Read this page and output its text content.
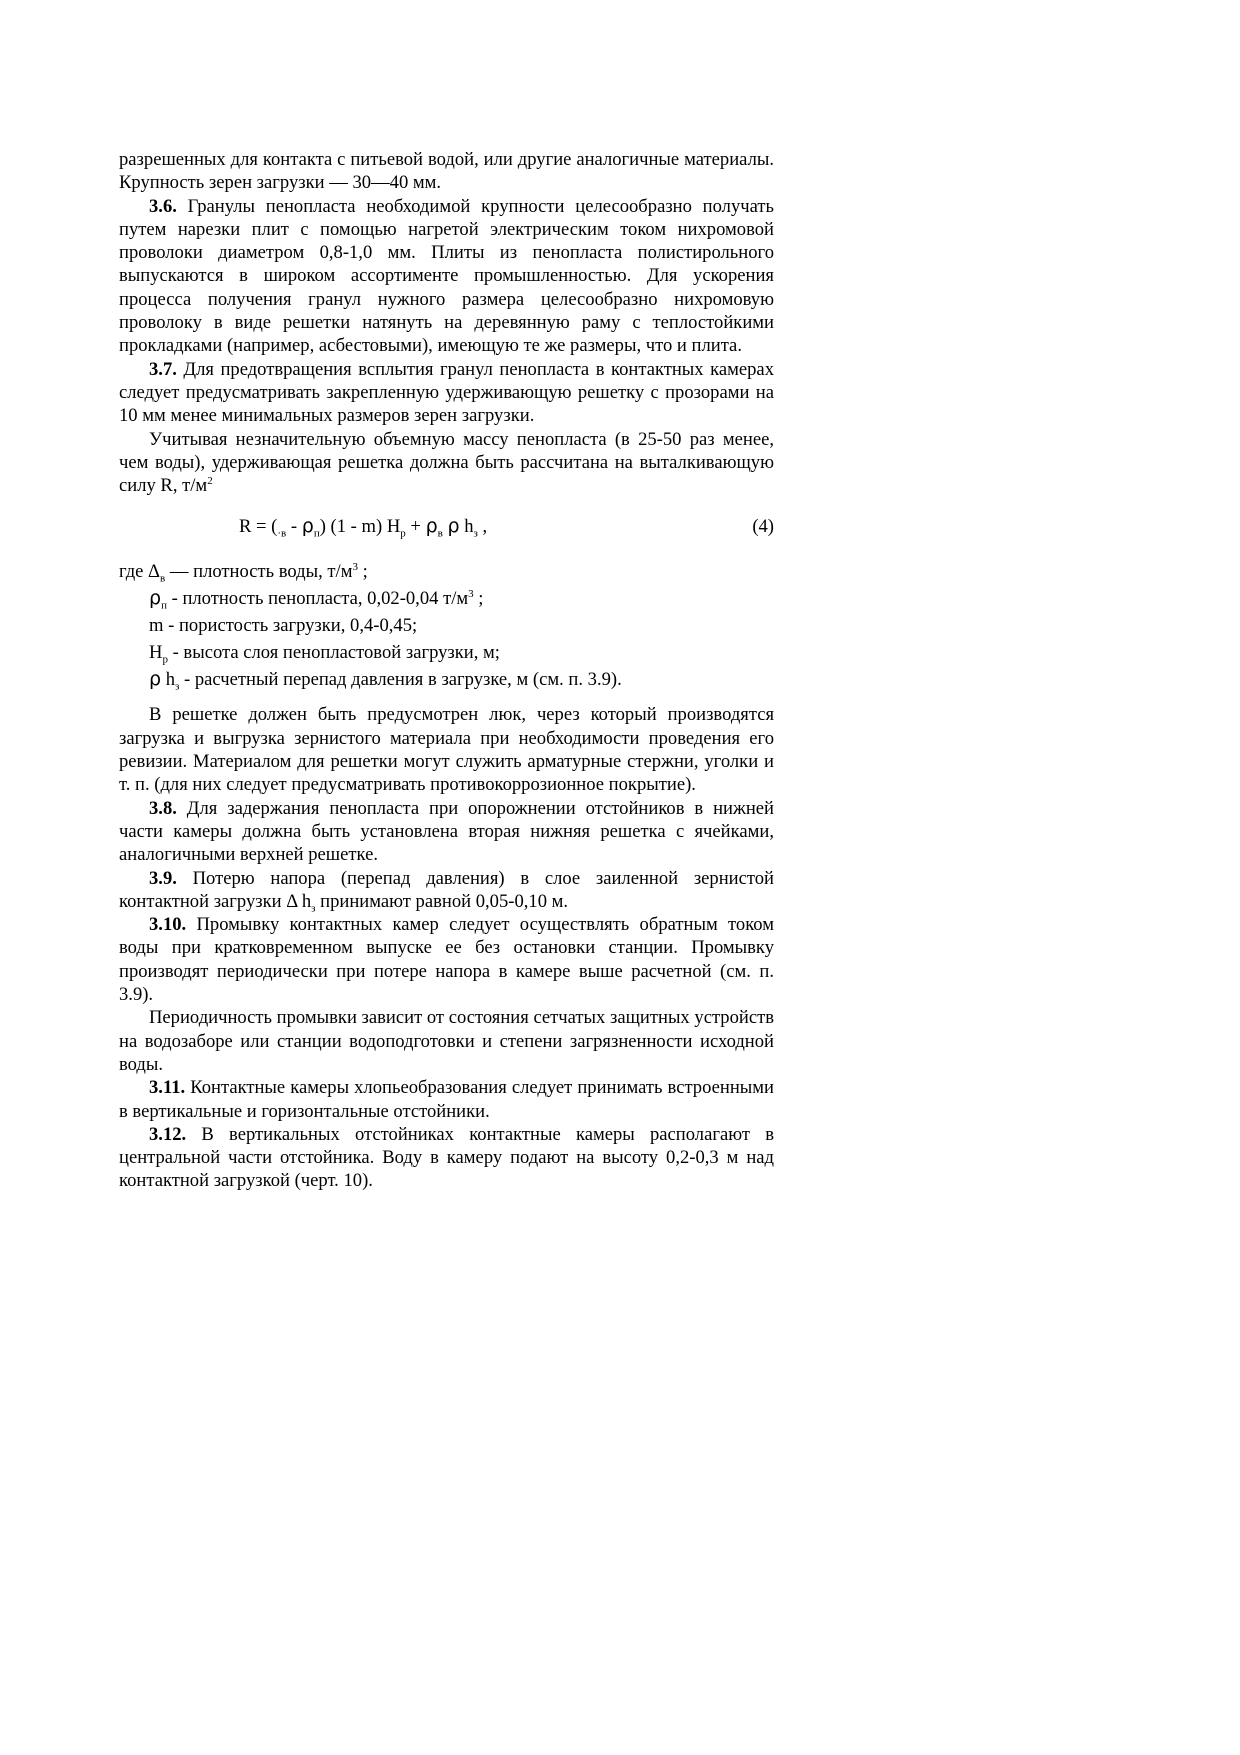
разрешенных для контакта с питьевой водой, или другие аналогичные материалы. Крупность зерен загрузки — 30—40 мм.

3.6. Гранулы пенопласта необходимой крупности целесообразно получать путем нарезки плит с помощью нагретой электрическим током нихромовой проволоки диаметром 0,8-1,0 мм. Плиты из пенопласта полистирольного выпускаются в широком ассортименте промышленностью. Для ускорения процесса получения гранул нужного размера целесообразно нихромовую проволоку в виде решетки натянуть на деревянную раму с теплостойкими прокладками (например, асбестовыми), имеющую те же размеры, что и плита.

3.7. Для предотвращения всплытия гранул пенопласта в контактных камерах следует предусматривать закрепленную удерживающую решетку с прозорами на 10 мм менее минимальных размеров зерен загрузки.

Учитывая незначительную объемную массу пенопласта (в 25-50 раз менее, чем воды), удерживающая решетка должна быть рассчитана на выталкивающую силу R, $т/м^2$

$R = (_{\cdot в} - \rho_п)$ (1 - m) $H_р + \rho_в$ ρ $h_з$ ,	(4)

где $\Delta_в$ — плотность воды, $т/м^3$ ;

$\rho_п$ - плотность пенопласта, 0,02-0,04 $т/м^3$ ;

m - пористость загрузки, 0,4-0,45;

$H_р$ - высота слоя пенопластовой загрузки, м;

ρ $h_з$ - расчетный перепад давления в загрузке, м (см. п. 3.9).

В решетке должен быть предусмотрен люк, через который производятся загрузка и выгрузка зернистого материала при необходимости проведения его ревизии. Материалом для решетки могут служить арматурные стержни, уголки и т. п. (для них следует предусматривать противокоррозионное покрытие).

3.8. Для задержания пенопласта при опорожнении отстойников в нижней части камеры должна быть установлена вторая нижняя решетка с ячейками, аналогичными верхней решетке.

3.9. Потерю напора (перепад давления) в слое заиленной зернистой контактной загрузки Δ $h_з$ принимают равной 0,05-0,10 м.

3.10. Промывку контактных камер следует осуществлять обратным током воды при кратковременном выпуске ее без остановки станции. Промывку производят периодически при потере напора в камере выше расчетной (см. п. 3.9).

Периодичность промывки зависит от состояния сетчатых защитных устройств на водозаборе или станции водоподготовки и степени загрязненности исходной воды.

3.11. Контактные камеры хлопьеобразования следует принимать встроенными в вертикальные и горизонтальные отстойники.

3.12. В вертикальных отстойниках контактные камеры располагают в центральной части отстойника. Воду в камеру подают на высоту 0,2-0,3 м над контактной загрузкой (черт. 10).
